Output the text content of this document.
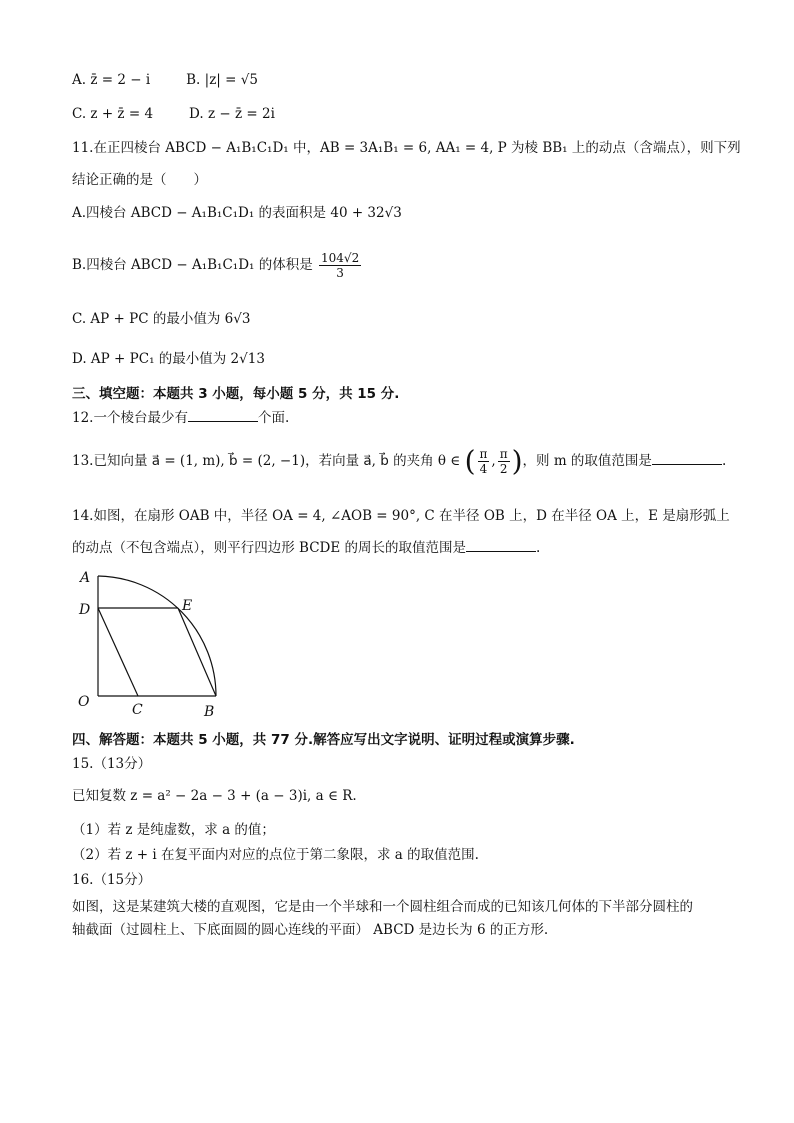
A. z̄ = 2 − i	B. |z| = √5
C. z + z̄ = 4	D. z − z̄ = 2i
11.在正四棱台 ABCD − A₁B₁C₁D₁ 中，AB = 3A₁B₁ = 6, AA₁ = 4, P 为棱 BB₁ 上的动点（含端点），则下列
结论正确的是（　　）
A.四棱台 ABCD − A₁B₁C₁D₁ 的表面积是 40 + 32√3
B.四棱台 ABCD − A₁B₁C₁D₁ 的体积是 $\frac{104√2}{3}$
C. AP + PC 的最小值为 6√3
D. AP + PC₁ 的最小值为 2√13
三、填空题：本题共 3 小题，每小题 5 分，共 15 分.
12.一个棱台最少有	个面.
13.已知向量 a⃗ = (1, m), b⃗ = (2, −1)，若向量 a⃗, b⃗ 的夹角 θ ∈ ( $\frac{\pi}{4}$ , $\frac{\pi}{2}$ )，则 m 的取值范围是	.
14.如图，在扇形 OAB 中，半径 OA = 4, ∠AOB = 90°, C 在半径 OB 上，D 在半径 OA 上，E 是扇形弧上
的动点（不包含端点），则平行四边形 BCDE 的周长的取值范围是	.
A
D	E
O	C	B
四、解答题：本题共 5 小题，共 77 分.解答应写出文字说明、证明过程或演算步骤.
15.（13分）
已知复数 z = a² − 2a − 3 + (a − 3)i, a ∈ R.
（1）若 z 是纯虚数，求 a 的值；
（2）若 z + i 在复平面内对应的点位于第二象限，求 a 的取值范围.
16.（15分）
如图，这是某建筑大楼的直观图，它是由一个半球和一个圆柱组合而成的已知该几何体的下半部分圆柱的
轴截面（过圆柱上、下底面圆的圆心连线的平面） ABCD 是边长为 6 的正方形.
